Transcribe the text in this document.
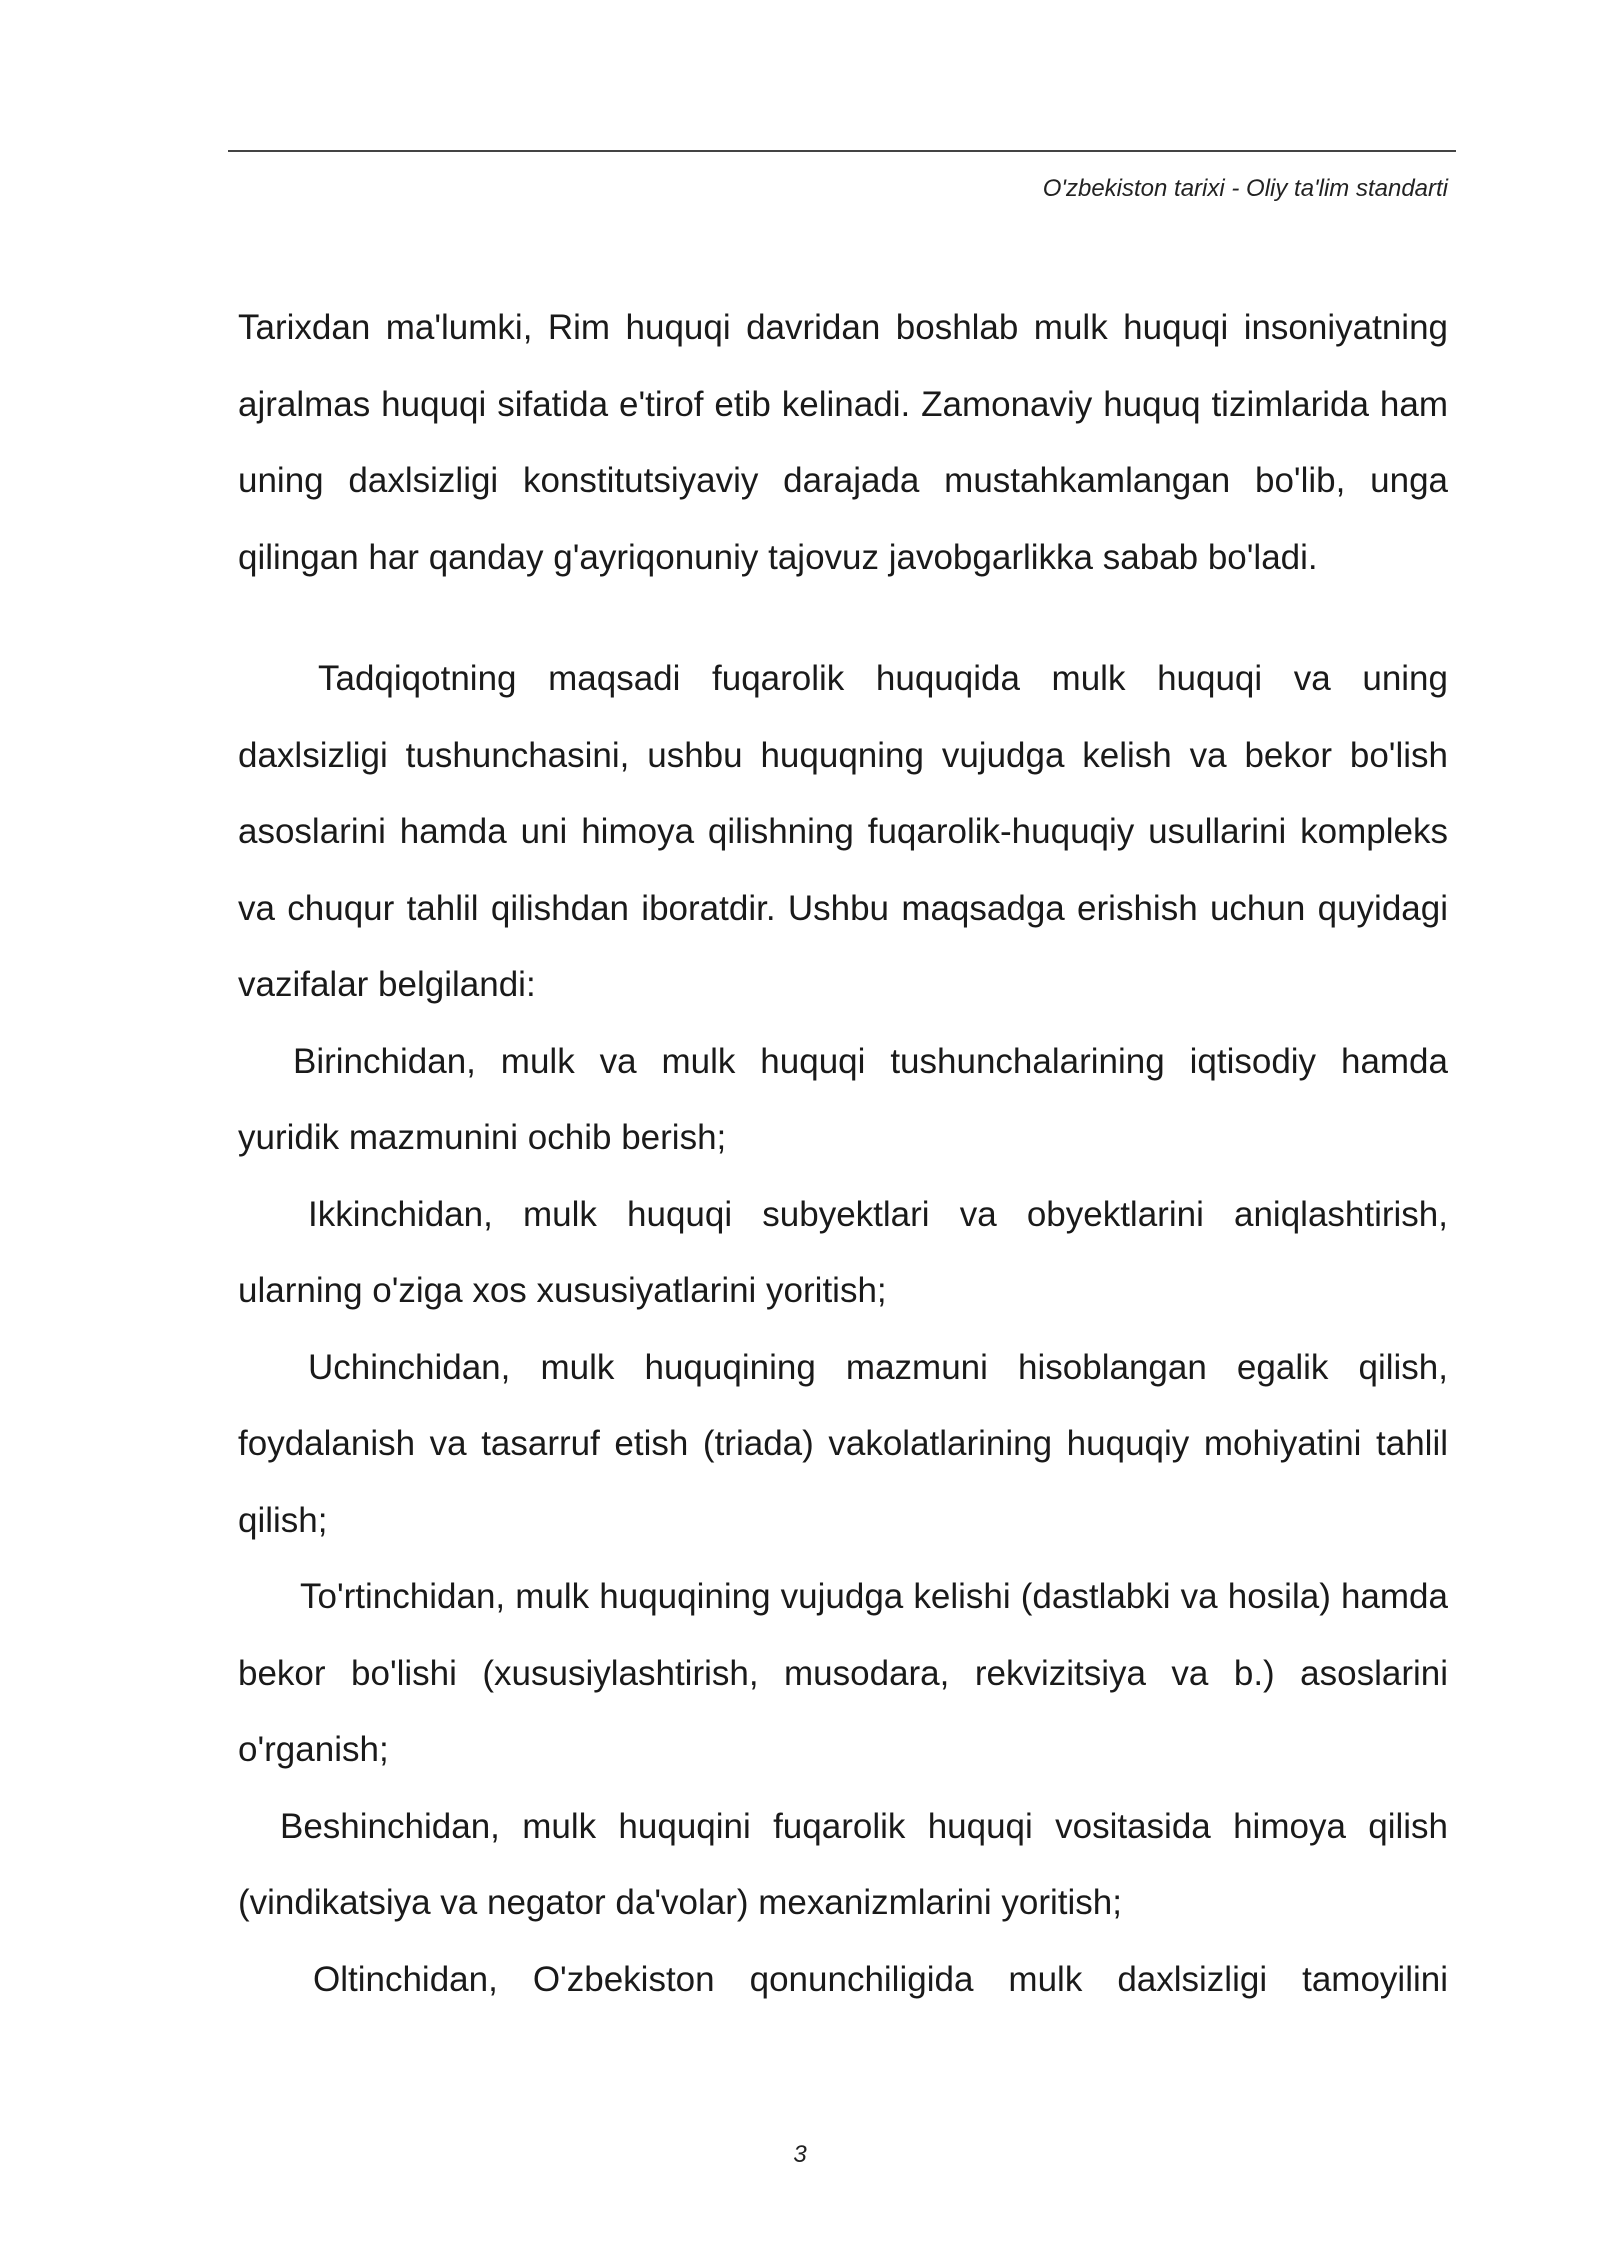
O'zbekiston tarixi - Oliy ta'lim standarti

Tarixdan ma'lumki, Rim huquqi davridan boshlab mulk huquqi insoniyatning ajralmas huquqi sifatida e'tirof etib kelinadi. Zamonaviy huquq tizimlarida ham uning daxlsizligi konstitutsiyaviy darajada mustahkamlangan bo'lib, unga qilingan har qanday g'ayriqonuniy tajovuz javobgarlikka sabab bo'ladi.

Tadqiqotning maqsadi fuqarolik huquqida mulk huquqi va uning daxlsizligi tushunchasini, ushbu huquqning vujudga kelish va bekor bo'lish asoslarini hamda uni himoya qilishning fuqarolik-huquqiy usullarini kompleks va chuqur tahlil qilishdan iboratdir. Ushbu maqsadga erishish uchun quyidagi vazifalar belgilandi:

Birinchidan, mulk va mulk huquqi tushunchalarining iqtisodiy hamda yuridik mazmunini ochib berish;

Ikkinchidan, mulk huquqi subyektlari va obyektlarini aniqlashtirish, ularning o'ziga xos xususiyatlarini yoritish;

Uchinchidan, mulk huquqining mazmuni hisoblangan egalik qilish, foydalanish va tasarruf etish (triada) vakolatlarining huquqiy mohiyatini tahlil qilish;

To'rtinchidan, mulk huquqining vujudga kelishi (dastlabki va hosila) hamda bekor bo'lishi (xususiylashtirish, musodara, rekvizitsiya va b.) asoslarini o'rganish;

Beshinchidan, mulk huquqini fuqarolik huquqi vositasida himoya qilish (vindikatsiya va negator da'volar) mexanizmlarini yoritish;

Oltinchidan, O'zbekiston qonunchiligida mulk daxlsizligi tamoyilini

3
